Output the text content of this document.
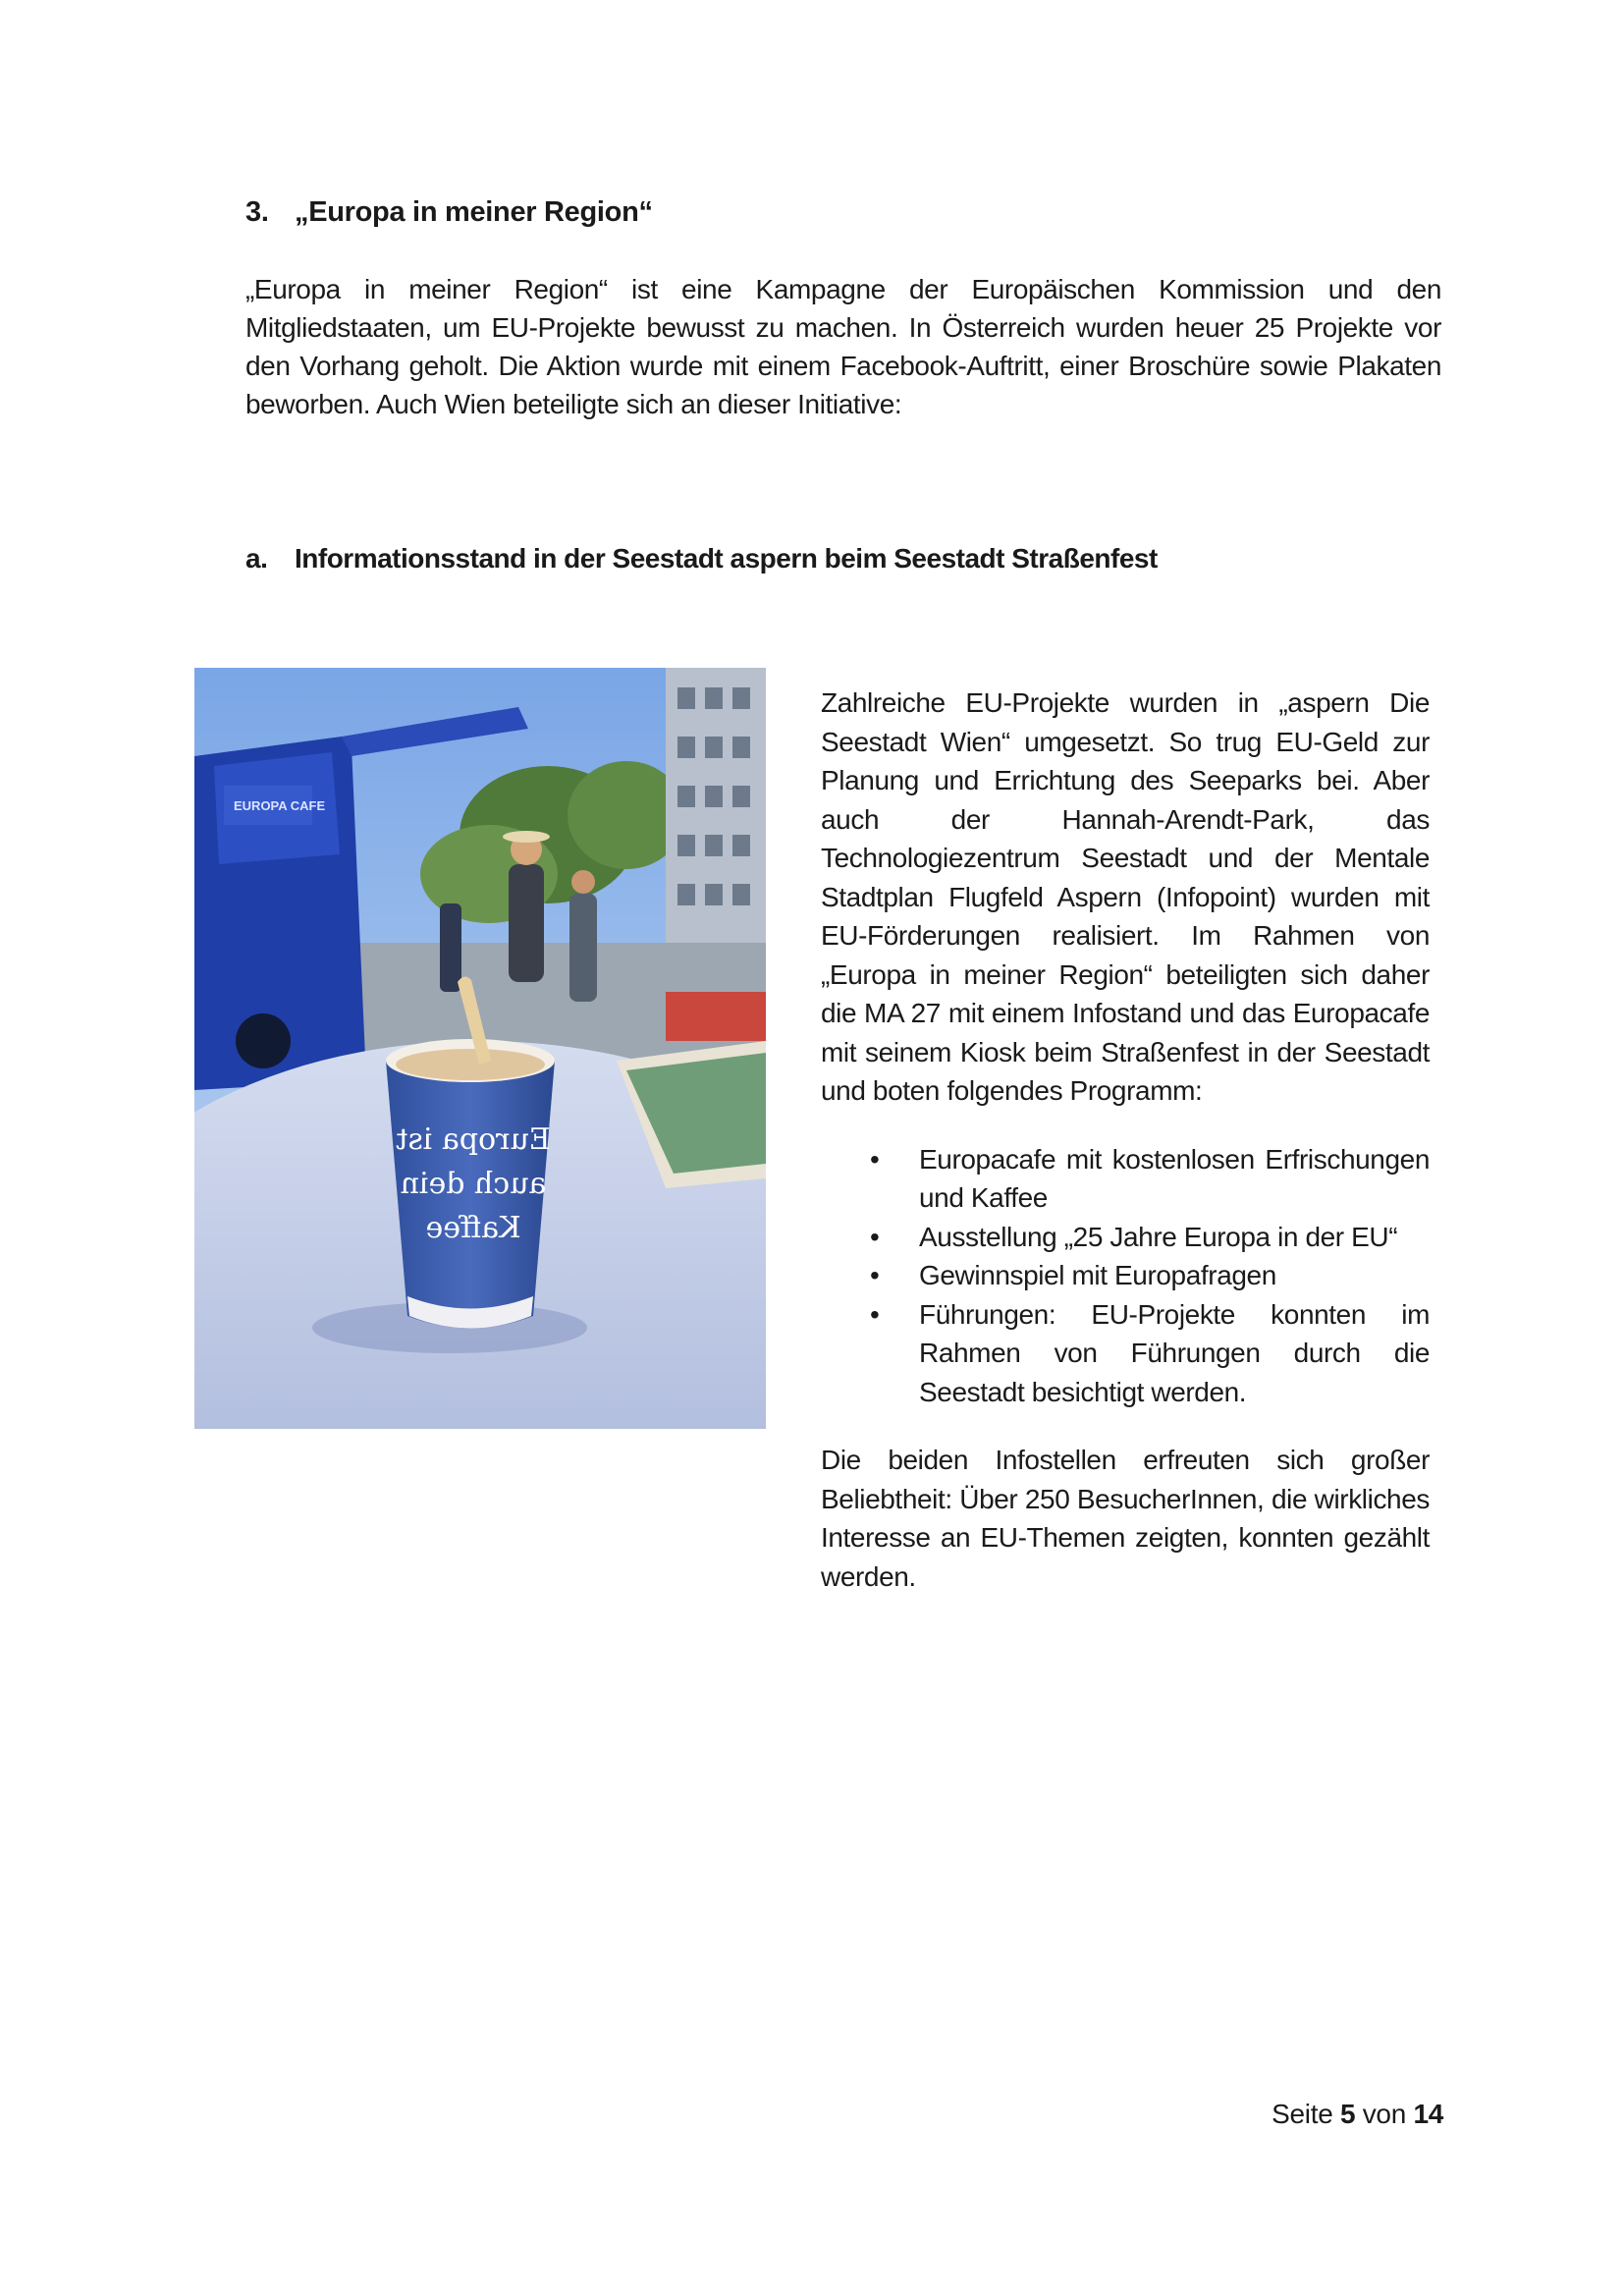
3. „Europa in meiner Region“

„Europa in meiner Region“ ist eine Kampagne der Europäischen Kommission und den Mitgliedstaaten, um EU-Projekte bewusst zu machen. In Österreich wurden heuer 25 Projekte vor den Vorhang geholt. Die Aktion wurde mit einem Facebook-Auftritt, einer Broschüre sowie Plakaten beworben. Auch Wien beteiligte sich an dieser Initiative:

a. Informationsstand in der Seestadt aspern beim Seestadt Straßenfest
EUROPA CAFE
Europa ist
auch dein
Kaffee

Zahlreiche EU-Projekte wurden in „aspern Die Seestadt Wien“ umgesetzt. So trug EU-Geld zur Planung und Errichtung des Seeparks bei. Aber auch der Hannah-Arendt-Park, das Technologiezentrum Seestadt und der Mentale Stadtplan Flugfeld Aspern (Infopoint) wurden mit EU-Förderungen realisiert. Im Rahmen von „Europa in meiner Region“ beteiligten sich daher die MA 27 mit einem Infostand und das Europacafe mit seinem Kiosk beim Straßenfest in der Seestadt und boten folgendes Programm:

• Europacafe mit kostenlosen Erfrischungen und Kaffee
• Ausstellung „25 Jahre Europa in der EU“
• Gewinnspiel mit Europafragen
• Führungen: EU-Projekte konnten im Rahmen von Führungen durch die Seestadt besichtigt werden.

Die beiden Infostellen erfreuten sich großer Beliebtheit: Über 250 BesucherInnen, die wirkliches Interesse an EU-Themen zeigten, konnten gezählt werden.

Seite 5 von 14
